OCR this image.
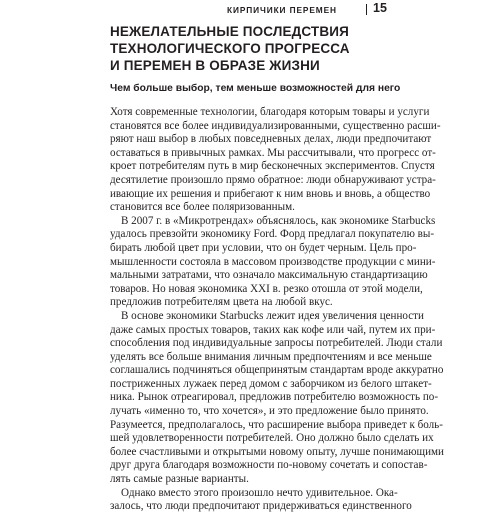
КИРПИЧИКИ ПЕРЕМЕН	15
НЕЖЕЛАТЕЛЬНЫЕ ПОСЛЕДСТВИЯ
ТЕХНОЛОГИЧЕСКОГО ПРОГРЕССА
И ПЕРЕМЕН В ОБРАЗЕ ЖИЗНИ
Чем больше выбор, тем меньше возможностей для него

Хотя современные технологии, благодаря которым товары и услуги
становятся все более индивидуализированными, существенно расши-
ряют наш выбор в любых повседневных делах, люди предпочитают
оставаться в привычных рамках. Мы рассчитывали, что прогресс от-
кроет потребителям путь в мир бесконечных экспериментов. Спустя
десятилетие произошло прямо обратное: люди обнаруживают устра-
ивающие их решения и прибегают к ним вновь и вновь, а общество
становится все более поляризованным.

В 2007 г. в «Микротрендах» объяснялось, как экономике Starbucks
удалось превзойти экономику Ford. Форд предлагал покупателю вы-
бирать любой цвет при условии, что он будет черным. Цель про-
мышленности состояла в массовом производстве продукции с мини-
мальными затратами, что означало максимальную стандартизацию
товаров. Но новая экономика XXI в. резко отошла от этой модели,
предложив потребителям цвета на любой вкус.

В основе экономики Starbucks лежит идея увеличения ценности
даже самых простых товаров, таких как кофе или чай, путем их при-
способления под индивидуальные запросы потребителей. Люди стали
уделять все больше внимания личным предпочтениям и все меньше
соглашались подчиняться общепринятым стандартам вроде аккуратно
постриженных лужаек перед домом с заборчиком из белого штакет-
ника. Рынок отреагировал, предложив потребителю возможность по-
лучать «именно то, что хочется», и это предложение было принято.
Разумеется, предполагалось, что расширение выбора приведет к боль-
шей удовлетворенности потребителей. Оно должно было сделать их
более счастливыми и открытыми новому опыту, лучше понимающими
друг друга благодаря возможности по-новому сочетать и сопостав-
лять самые разные варианты.

Однако вместо этого произошло нечто удивительное. Ока-
залось, что люди предпочитают придерживаться единственного
